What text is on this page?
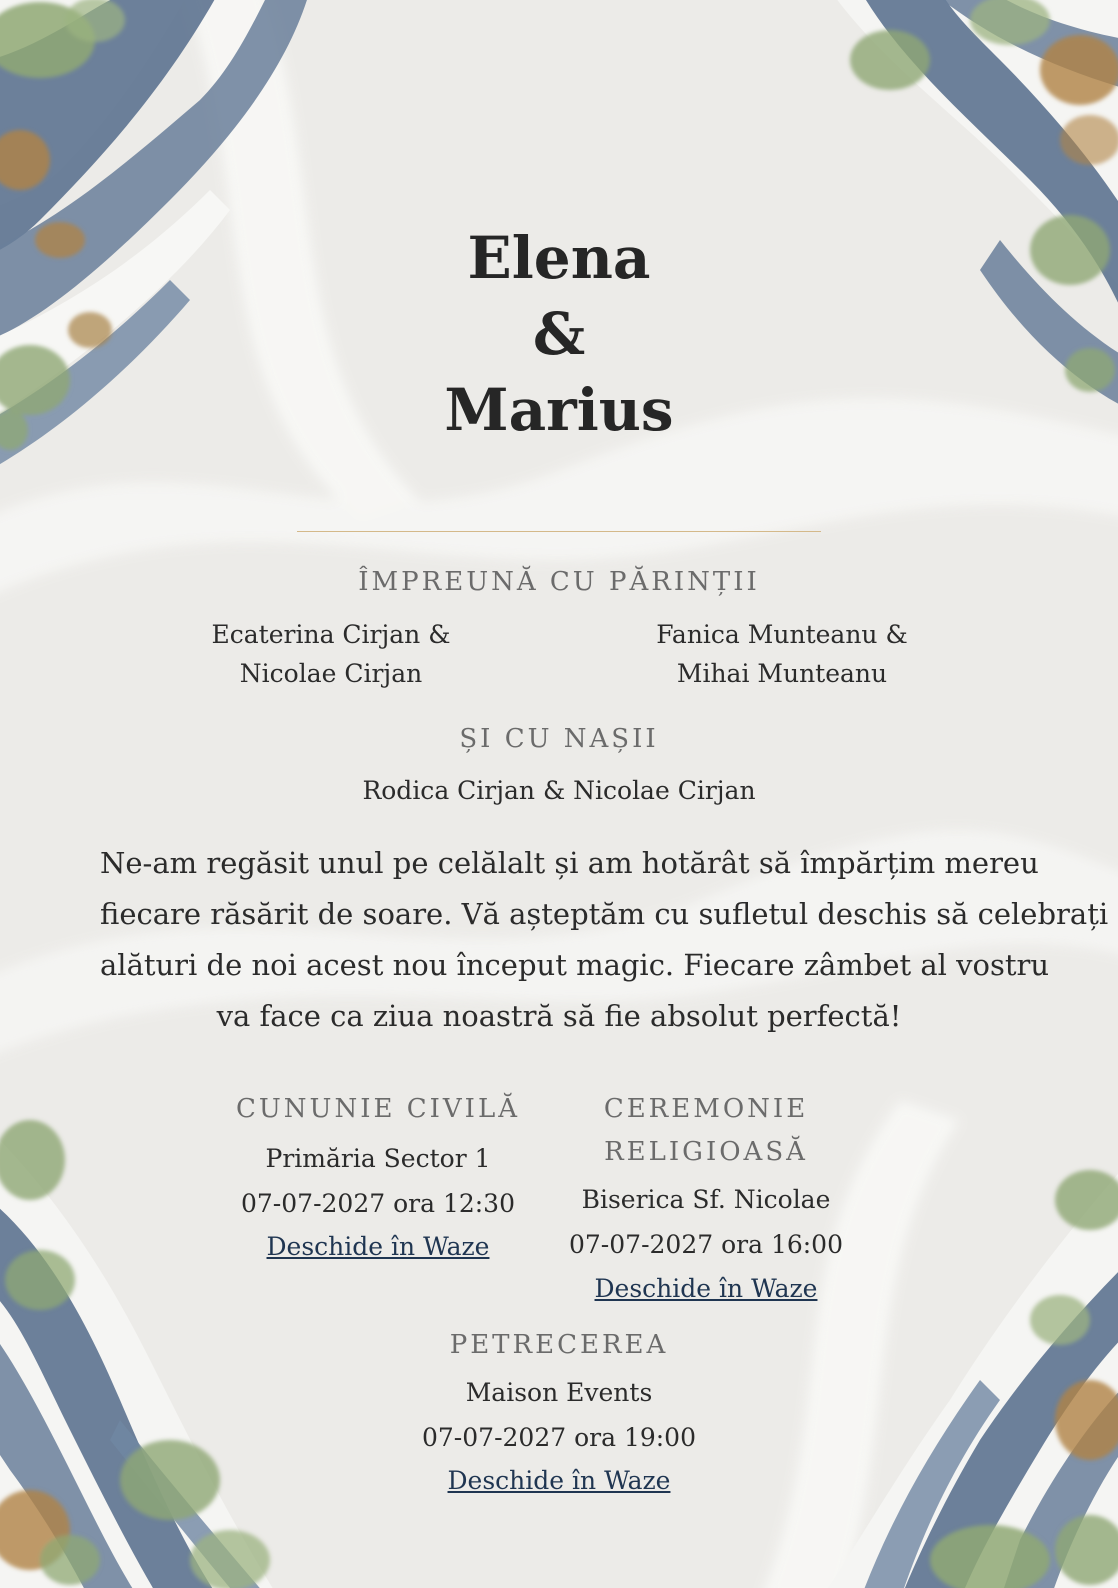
Elena
&
Marius
ÎMPREUNĂ CU PĂRINȚII
Ecaterina Cirjan &
Nicolae Cirjan
Fanica Munteanu &
Mihai Munteanu
ȘI CU NAȘII
Rodica Cirjan & Nicolae Cirjan
Ne-am regăsit unul pe celălalt și am hotărât să împărțim mereu
fiecare răsărit de soare. Vă așteptăm cu sufletul deschis să celebrați
alături de noi acest nou început magic. Fiecare zâmbet al vostru
va face ca ziua noastră să fie absolut perfectă!
CUNUNIE CIVILĂ
Primăria Sector 1
07-07-2027 ora 12:30
Deschide în Waze
CEREMONIE
RELIGIOASĂ
Biserica Sf. Nicolae
07-07-2027 ora 16:00
Deschide în Waze
PETRECEREA
Maison Events
07-07-2027 ora 19:00
Deschide în Waze
